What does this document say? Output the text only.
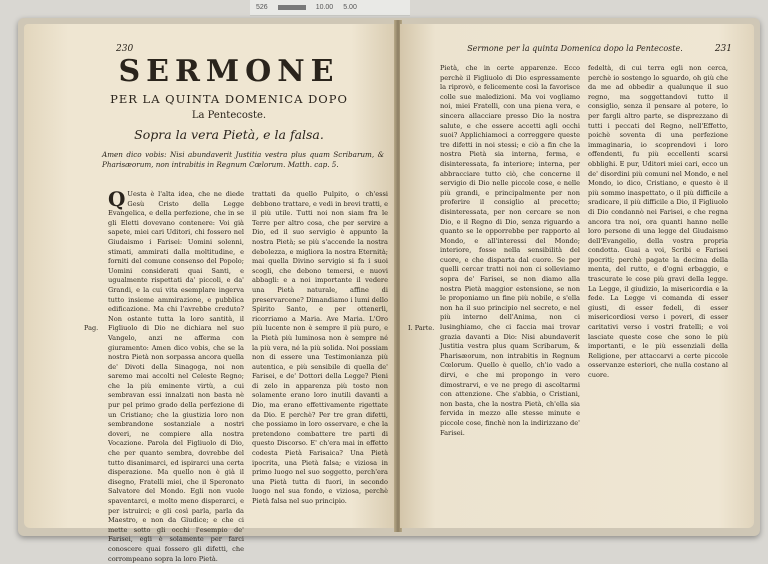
526	10.00 5.00
230
SERMONE
PER LA QUINTA DOMENICA DOPO
La Pentecoste.
Sopra la vera Pietà, e la falsa.
Amen dico vobis: Nisi abundaverit Justitia vestra plus quam Scribarum, & Pharisæorum, non intrabitis in Regnum Cœlorum. Matth. cap. 5.
Q Uesta è l'alta idea, che ne diede Gesù Cristo della Legge Evangelica, e della perfezione, che in se gli Eletti dovevano contenere: Voi già sapete, miei cari Uditori, chi fossero nel Giudaismo i Farisei: Uomini solenni, stimati, ammirati dalla moltitudine, e forniti del comune consenso del Popolo; Uomini considerati quai Santi, e ugualmente rispettati da' piccoli, e da' Grandi, e la cui vita esemplare ingerva tutto insieme ammirazione, e pubblica edificazione. Ma chi l'avrebbe creduto? Non ostante tutta la loro santità, il Figliuolo di Dio ne dichiara nel suo Vangelo, anzi ne afferma con giuramento: Amen dico vobis, che se la nostra Pietà non sorpassa ancora quella de' Divoti della Sinagoga, noi non saremo mai accolti nel Celeste Regno; che la più eminente virtù, a cui sembravan essi innalzati non basta nè pur pel primo grado della perfezione di un Cristiano; che la giustizia loro non sembrandone sostanziale a nostri doveri, ne compiere alla nostra Vocazione. Parola del Figliuolo di Dio, che per quanto sembra, dovrebbe del tutto disanimarci, ed ispirarci una certa disperazione. Ma quello non è già il disegno, Fratelli miei, che il Speronato Salvatore del Mondo. Egli non vuole spaventarci, e molto meno disperarci, e per istruirci; e gli così parla, parla da Maestro, e non da Giudice; e che ci mette sotto gli occhi l'esempio de' Farisei, egli è solamente per farci conoscere quai fossero gli difetti, che corrompeano sopra la loro Pietà.
trattati da quello Pulpito, o ch'essi debbono trattare, e vedi in brevi tratti, e il più utile. Tutti noi non siam fra le Terre per altro cosa, che per servire a Dio, ed il suo servigio è appunto la nostra Pietà; se più s'accende la nostra debolezza, e migliora la nostra Eternità; mai quella Divino servigio si fa i suoi scogli, che debono temersi, e nuovi abbagli: e a noi importante il vedere una Pietà naturale, affine di preservarcene? Dimandiamo i lumi dello Spirito Santo, e per ottenerli, ricorriamo a Maria. Ave Maria. L'Oro più lucente non è sempre il più puro, e la Pietà più luminosa non è sempre né la più vera, né la più solida. Noi possiam non di essere una Testimonianza più autentica, e più sensibile di quella de' Farisei, e de' Dottori della Legge? Pieni di zelo in apparenza più tosto non solamente erano loro inutili davanti a Dio, ma erano effettivamente rigettate da Dio. E perchè? Per tre gran difetti, che possiamo in loro osservare, e che la pretendono combattere tre parti di questo Discorso. E' ch'era mai in effetto codesta Pietà Farisaica? Una Pietà ipocrita, una Pietà falsa; e viziosa in primo luogo nel suo soggetto, perch'era una Pietà tutta di fuori, in secondo luogo nel sua fondo, e viziosa, perchè Pietà falsa nel suo principio.
Pag.
Sermone per la quinta Domenica dopo la Pentecoste.	231
Pietà, che in certe apparenze. Ecco perchè il Figliuolo di Dio espressamente la riprovò, e felicemente così la favorisce colle sue maledizioni. Ma voi vogliamo noi, miei Fratelli, con una piena vera, e sincera allacciare presso Dio la nostra salute, e che essere accetti agli occhi suoi? Applichiamoci a correggere queste tre difetti in noi stessi; e ciò a fin che la nostra Pietà sia interna, ferma, e disinteressata, fa interiore; interna, per abbracciare tutto ciò, che concerne il servigio di Dio nelle piccole cose, e nelle più grandi, e principalmente per non proferire il consiglio al precetto; disinteressata, per non cercare se non Dio, e il Regno di Dio, senza riguardo a quanto se le opporrebbe per rapporto al Mondo, e all'interessi del Mondo; interiore, fosse nella sensibilità del cuore, e che disparta dal cuore. Se per quelli cercar tratti noi non ci solleviamo sopra de' Farisei, se non diamo alla nostra Pietà maggior estensione, se non le proponiamo un fine più nobile, e s'ella non ha il suo principio nel secreto, e nel più interno dell'Anima, non ci lusinghiamo, che ci faccia mai trovar grazia davanti a Dio: Nisi abundaverit Justitia vestra plus quam Scribarum, & Pharisæorum, non intrabitis in Regnum Cœlorum. Quello è quello, ch'io vado a dirvi, e che mi propongo in vero dimostrarvi, e ve ne prego di ascoltarmi con attenzione. Che s'abbia, o Cristiani, non basta, che la nostra Pietà, ch'ella sia fervida in mezzo alle stesse minute e piccole cose, finchè non la indirizzano de' Farisei.
fedeltà, di cui terra egli non cerca, perchè io sostengo lo sguardo, oh giù che da me ad obbedir a qualunque il suo regno, ma soggettandovi tutto il consiglio, senza il pensare al potere, lo per fargli altro parte, se disprezzano di tutti i peccati del Regno, nell'Effetto, poichè soventa di una perfezione immaginaria, io scoprendovi i loro offendenti, fu più eccellenti scarsi obblighi. E pur, Uditori miei cari, ecco un de' disordini più comuni nel Mondo, e nel Mondo, io dico, Cristiano, e questo è il più sommo inaspettato, o il più difficile a sradicare, il più difficile a Dio, il Figliuolo di Dio condannò nei Farisei, e che regna ancora tra noi, ora quanti hanno nelle loro persone di una legge del Giudaismo dell'Evangelio, della vostra propria condotta. Guai a voi, Scribi e Farisei ipocriti; perchè pagate la decima della menta, del rutto, e d'ogni erbaggio, e trascurate le cose più gravi della legge. La Legge, il giudizio, la misericordia e la fede. La Legge vi comanda di esser giusti, di esser fedeli, di esser misericordiosi verso i poveri, di esser caritativi verso i vostri fratelli; e voi lasciate queste cose che sono le più importanti, e le più essenziali della Religione, per attaccarvi a certe piccole osservanze esteriori, che nulla costano al cuore.
I. Parte.
